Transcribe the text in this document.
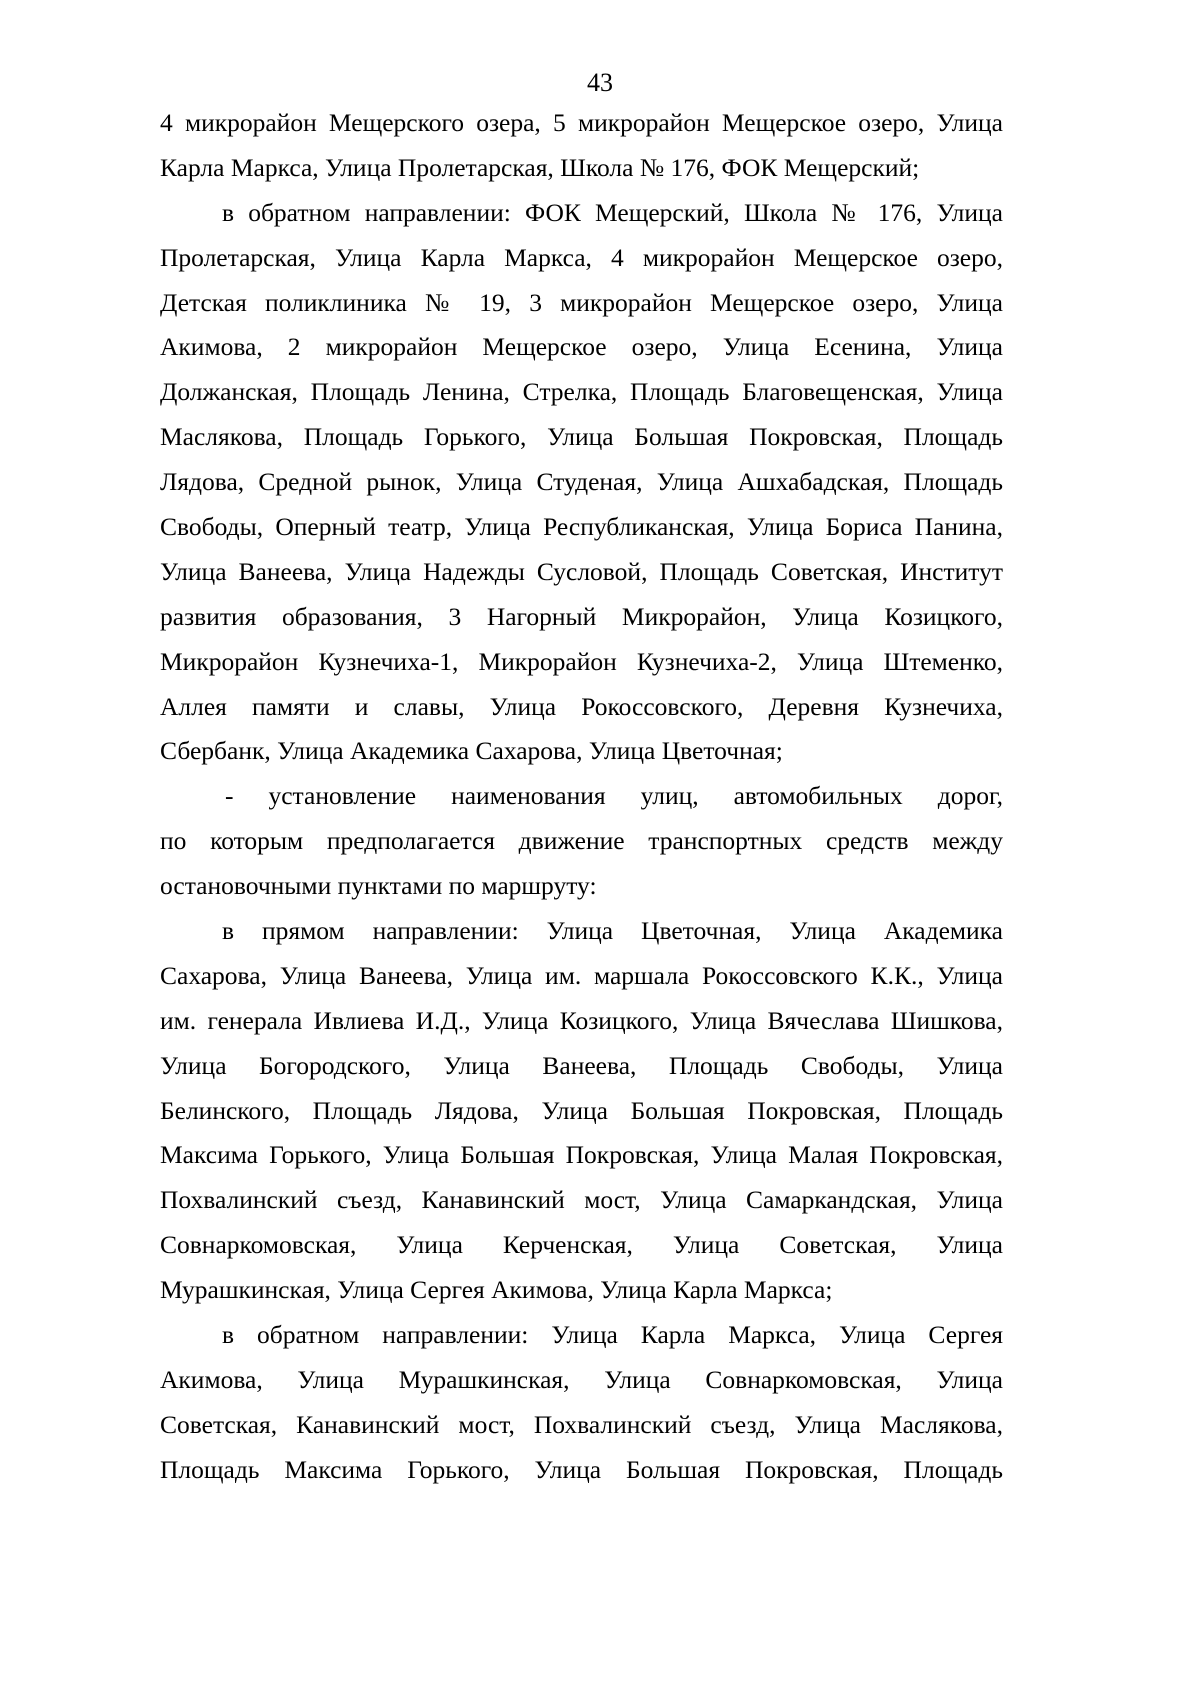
43
4 микрорайон Мещерского озера, 5 микрорайон Мещерское озеро, Улица
Карла Маркса, Улица Пролетарская, Школа № 176, ФОК Мещерский;
в обратном направлении: ФОК Мещерский, Школа № 176, Улица
Пролетарская, Улица Карла Маркса, 4 микрорайон Мещерское озеро,
Детская поликлиника № 19, 3 микрорайон Мещерское озеро, Улица
Акимова, 2 микрорайон Мещерское озеро, Улица Есенина, Улица
Должанская, Площадь Ленина, Стрелка, Площадь Благовещенская, Улица
Маслякова, Площадь Горького, Улица Большая Покровская, Площадь
Лядова, Средной рынок, Улица Студеная, Улица Ашхабадская, Площадь
Свободы, Оперный театр, Улица Республиканская, Улица Бориса Панина,
Улица Ванеева, Улица Надежды Сусловой, Площадь Советская, Институт
развития образования, 3 Нагорный Микрорайон, Улица Козицкого,
Микрорайон Кузнечиха-1, Микрорайон Кузнечиха-2, Улица Штеменко,
Аллея памяти и славы, Улица Рокоссовского, Деревня Кузнечиха,
Сбербанк, Улица Академика Сахарова, Улица Цветочная;
- установление наименования улиц, автомобильных дорог,
по которым предполагается движение транспортных средств между
остановочными пунктами по маршруту:
в прямом направлении: Улица Цветочная, Улица Академика
Сахарова, Улица Ванеева, Улица им. маршала Рокоссовского К.К., Улица
им. генерала Ивлиева И.Д., Улица Козицкого, Улица Вячеслава Шишкова,
Улица Богородского, Улица Ванеева, Площадь Свободы, Улица
Белинского, Площадь Лядова, Улица Большая Покровская, Площадь
Максима Горького, Улица Большая Покровская, Улица Малая Покровская,
Похвалинский съезд, Канавинский мост, Улица Самаркандская, Улица
Совнаркомовская, Улица Керченская, Улица Советская, Улица
Мурашкинская, Улица Сергея Акимова, Улица Карла Маркса;
в обратном направлении: Улица Карла Маркса, Улица Сергея
Акимова, Улица Мурашкинская, Улица Совнаркомовская, Улица
Советская, Канавинский мост, Похвалинский съезд, Улица Маслякова,
Площадь Максима Горького, Улица Большая Покровская, Площадь
